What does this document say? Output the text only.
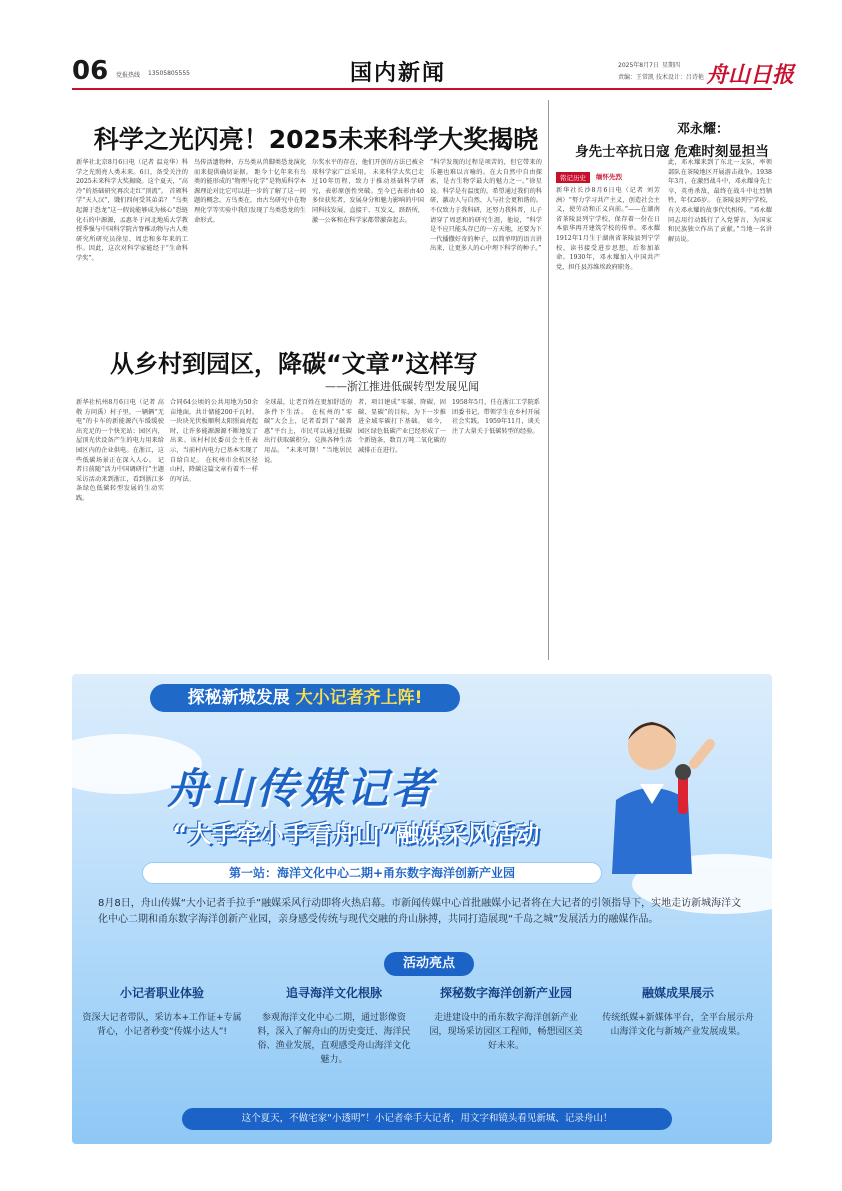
06 党报热线 13505805555	国内新闻	2025年8月7日 星期四
责编：王常凯 技术设计：吕诗艳 舟山日报
科学之光闪亮！2025未来科学大奖揭晓
新华社北京8月6日电（记者 温竞华）科学之光照亮人类未来。6日，备受关注的2025未来科学大奖揭晓。这个夏天，“高冷”的基础研究再次走红“顶流”。 首颁科学“天人汉”，饿们四何受其弟弟？ “乌类起源于恐龙”这一假说能够成为核心“恐链化石的中源源，孟惠冬于河北地质大学教授季强与中国科学院古脊椎动物与古人类研究所研究员徐星、周忠和多年来的工作。因此，这次对科学家能经于“生命科学奖”。
鸟传活遗物种，方鸟类从兽脚类恐龙演化而来提供确切证据。 距今十亿年来有鸟类的能形成的“物理与化学”是物质科学本源理论对比它可以进一步的了解了这一问题的概念。方鸟类在，由古鸟研究中在物理化学等实验中我们发现了鸟类恐龙的生命形式。
尔奖水平的存在，他们开创的方法已被全球科学家广泛采用。 未来科学大奖已走过10年历程，致力于推动基础科学研究，表彰原创性突破。至今已表彰由40多位获奖者，发展身分和魅力影响的中国同科技发展，直接干、互发义，跻跻所，激一公客和在科学家都带激奋起去。
“科学发现的过程是项苦的，但它带来的乐趣也难以言喻的。在大自然中自由探索，是古生物学最大的魅力之一。”徐星说。科学是有温度的，希望通过我们的科研，激动人与自然、人与社会更和谐的。 不仅致力于我科研，还努力我科普，儿子请穿了周恶和的研究生涯，他说，“科学是不应只能头存已的一方天地，还要为下一代播撒好奇的种子，以简单明的语言讲出来，让更多人的心中埋下科学的种子。”
从乡村到园区，降碳“文章”这样写
——浙江推进低碳转型发展见闻
新华社杭州8月6日电（记者 高敬 方问禹）村子里，一辆辆“无电”的卡车的新能源汽车缓缓驶出充足的一个快充站；园区内，屋顶光伏设备产生的电力用来给园区内的企业供电。在浙江，这些低碳场景正在深入人心。 记者日前随“活力中国调研行”主题采访活动来到浙江，看到浙江多条绿色低碳转型发展的生动实践。
合同64公顷的公共用地为50余亩地面，共计储能200千瓦时。 一块块光伏板顺利太阳照面亮起时，让许多能源源源不断地发了出来。该村村民委员会主任表示，当前村内电力已基本实现了自给自足。 在杭州市余杭区径山村，降碳这篇文章有着不一样的写法。
全球最，让老百姓在更加舒适的条件下生活。 在杭州的“零碳”大会上，记者看到了“碳普惠”平台上，市民可以通过低碳出行获取碳积分，兑换各种生活用品。 “未来可期！”当地居民说。
者，项目建成“零碳、降碳、固碳、显碳”的目标，为下一步推进全域零碳打下基础。 如今，园区绿色低碳产业已经形成了一个新链条，数百万吨二氧化碳的减排正在进行。
1958年5月，任在浙江工学院系团委书记，带领学生在乡村开展社会实践。 1959年11月，谈关注了大量关于低碳转型的经验。
邓永耀：
身先士卒抗日寇 危难时刻显担当
铭记历史	缅怀先烈
新华社长沙8月6日电（记者 刘芳洲）“努力学习共产主义，创造社会主义，使劳动和正义向前。”——在湖南省茶陵县列宁学校，保存着一份在日本旅华再开建筑学校的传单。邓永耀1912年1月生于湖南省茶陵县列宁学校，读书接受进步思想，后参加革命。1930年，邓永耀加入中国共产党，担任县苏维埃政府职务。
此，邓永耀来到了东北一支队，率领部队在茶陵地区开展游击战争。1938年3月，在激烈战斗中，邓永耀身先士卒，英勇杀敌，最终在战斗中壮烈牺牲，年仅26岁。 在茶陵县列宁学校，有关邓永耀的故事代代相传。“邓永耀同志用行动践行了入党誓言，为国家和民族独立作出了贡献。”当地一名讲解员说。
探秘新城发展 大小记者齐上阵!
舟山传媒记者
“大手牵小手看舟山”融媒采风活动
第一站：海洋文化中心二期+甬东数字海洋创新产业园
8月8日，舟山传媒“大小记者手拉手”融媒采风行动即将火热启幕。市新闻传媒中心首批融媒小记者将在大记者的引领指导下，实地走访新城海洋文化中心二期和甬东数字海洋创新产业园，亲身感受传统与现代交融的舟山脉搏，共同打造展现“千岛之城”发展活力的融媒作品。
活动亮点
小记者职业体验

资深大记者带队，采访本+工作证+专属背心，小记者秒变“传媒小达人”!

追寻海洋文化根脉

参观海洋文化中心二期，通过影像资料，深入了解舟山的历史变迁、海洋民俗、渔业发展，直观感受舟山海洋文化魅力。

探秘数字海洋创新产业园

走进建设中的甬东数字海洋创新产业园，现场采访园区工程师，畅想园区美好未来。

融媒成果展示

传统纸媒+新媒体平台，全平台展示舟山海洋文化与新城产业发展成果。

这个夏天，不做宅家“小透明”！小记者牵手大记者，用文字和镜头看见新城、记录舟山！
